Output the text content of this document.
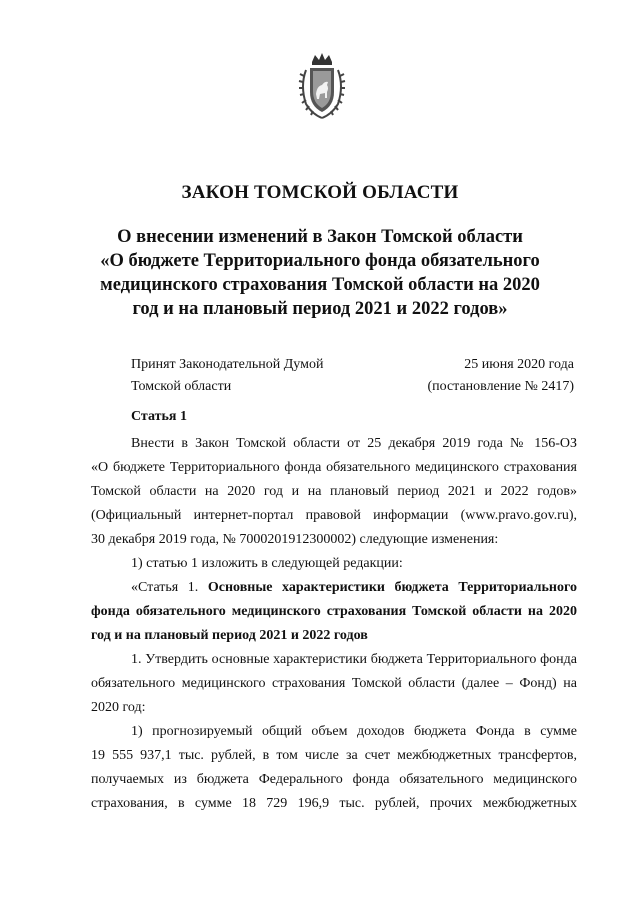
ЗАКОН ТОМСКОЙ ОБЛАСТИ
О внесении изменений в Закон Томской области
«О бюджете Территориального фонда обязательного
медицинского страхования Томской области на 2020
год и на плановый период 2021 и 2022 годов»
Принят Законодательной Думой
Томской области
25 июня 2020 года
(постановление № 2417)
Статья 1
Внести в Закон Томской области от 25 декабря 2019 года № 156-ОЗ
«О бюджете Территориального фонда обязательного медицинского страхования
Томской области на 2020 год и на плановый период 2021 и 2022 годов»
(Официальный интернет-портал правовой информации (www.pravo.gov.ru),
30 декабря 2019 года, № 7000201912300002) следующие изменения:
1) статью 1 изложить в следующей редакции:
«Статья 1. Основные характеристики бюджета Территориального
фонда обязательного медицинского страхования Томской области на 2020
год и на плановый период 2021 и 2022 годов
1. Утвердить основные характеристики бюджета Территориального фонда
обязательного медицинского страхования Томской области (далее – Фонд) на
2020 год:
1) прогнозируемый общий объем доходов бюджета Фонда в сумме
19 555 937,1 тыс. рублей, в том числе за счет межбюджетных трансфертов,
получаемых из бюджета Федерального фонда обязательного медицинского
страхования, в сумме 18 729 196,9 тыс. рублей, прочих межбюджетных
